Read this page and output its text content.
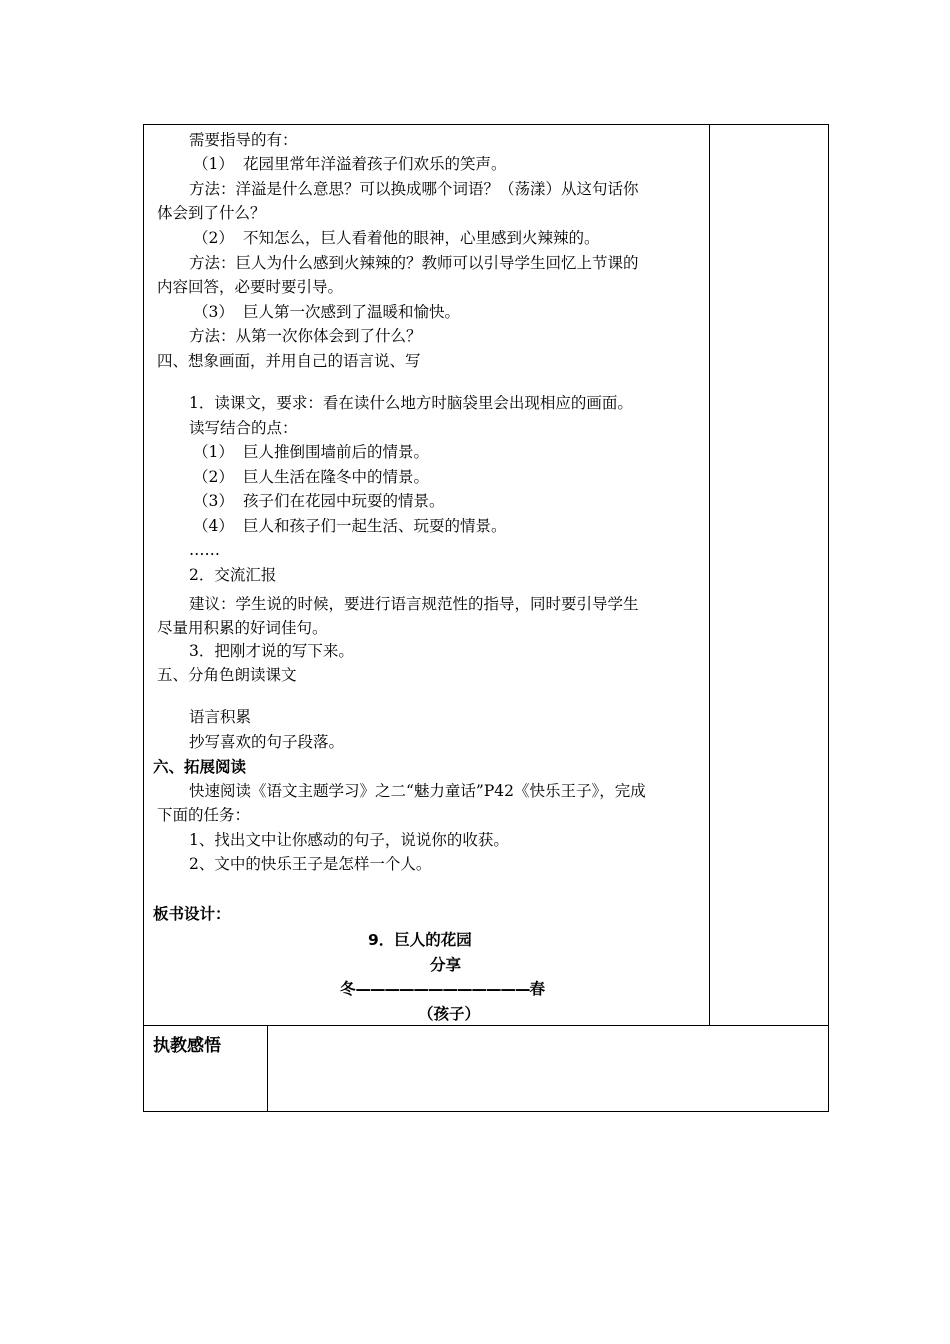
需要指导的有：
（1） 花园里常年洋溢着孩子们欢乐的笑声。
方法：洋溢是什么意思？可以换成哪个词语？（荡漾）从这句话你
体会到了什么？
（2） 不知怎么，巨人看着他的眼神，心里感到火辣辣的。
方法：巨人为什么感到火辣辣的？教师可以引导学生回忆上节课的
内容回答，必要时要引导。
（3） 巨人第一次感到了温暖和愉快。
方法：从第一次你体会到了什么？
四、想象画面，并用自己的语言说、写
1．读课文，要求：看在读什么地方时脑袋里会出现相应的画面。
读写结合的点：
（1） 巨人推倒围墙前后的情景。
（2） 巨人生活在隆冬中的情景。
（3） 孩子们在花园中玩耍的情景。
（4） 巨人和孩子们一起生活、玩耍的情景。
……
2．交流汇报
建议：学生说的时候，要进行语言规范性的指导，同时要引导学生
尽量用积累的好词佳句。
3．把刚才说的写下来。
五、分角色朗读课文
语言积累
抄写喜欢的句子段落。
六、拓展阅读
快速阅读《语文主题学习》之二“魅力童话”P42《快乐王子》，完成
下面的任务：
1、找出文中让你感动的句子，说说你的收获。
2、文中的快乐王子是怎样一个人。
板书设计：
9．巨人的花园
分享
冬————————————春
（孩子）
执教感悟
